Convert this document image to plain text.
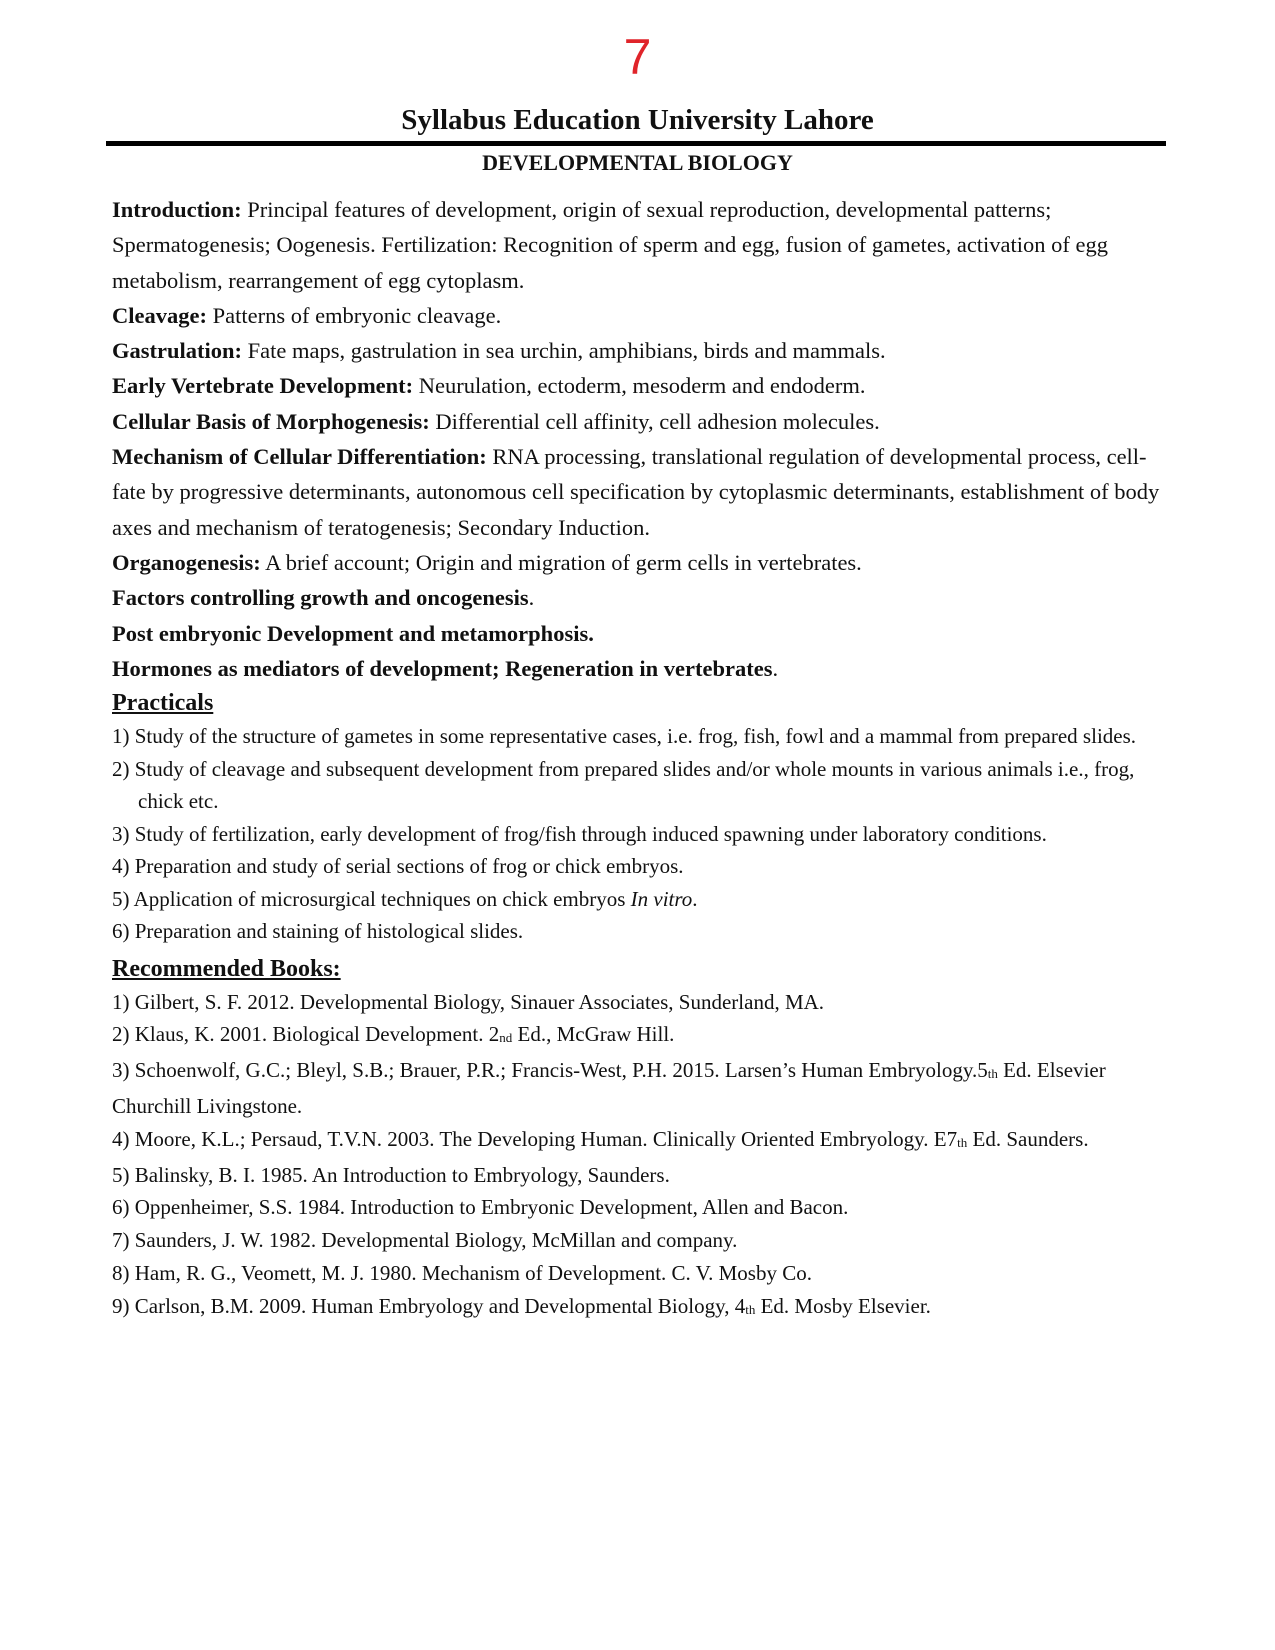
7
Syllabus Education University Lahore
DEVELOPMENTAL BIOLOGY

Introduction: Principal features of development, origin of sexual reproduction, developmental patterns; Spermatogenesis; Oogenesis. Fertilization: Recognition of sperm and egg, fusion of gametes, activation of egg metabolism, rearrangement of egg cytoplasm.

Cleavage: Patterns of embryonic cleavage.

Gastrulation: Fate maps, gastrulation in sea urchin, amphibians, birds and mammals.

Early Vertebrate Development: Neurulation, ectoderm, mesoderm and endoderm.

Cellular Basis of Morphogenesis: Differential cell affinity, cell adhesion molecules.

Mechanism of Cellular Differentiation: RNA processing, translational regulation of developmental process, cell-fate by progressive determinants, autonomous cell specification by cytoplasmic determinants, establishment of body axes and mechanism of teratogenesis; Secondary Induction.

Organogenesis: A brief account; Origin and migration of germ cells in vertebrates.

Factors controlling growth and oncogenesis.

Post embryonic Development and metamorphosis.

Hormones as mediators of development; Regeneration in vertebrates.

Practicals
1) Study of the structure of gametes in some representative cases, i.e. frog, fish, fowl and a mammal from prepared slides.
2) Study of cleavage and subsequent development from prepared slides and/or whole mounts in various animals i.e., frog, chick etc.
3) Study of fertilization, early development of frog/fish through induced spawning under laboratory conditions.
4) Preparation and study of serial sections of frog or chick embryos.
5) Application of microsurgical techniques on chick embryos In vitro.
6) Preparation and staining of histological slides.
Recommended Books:
1) Gilbert, S. F. 2012. Developmental Biology, Sinauer Associates, Sunderland, MA.
2) Klaus, K. 2001. Biological Development. $2_{nd}$ Ed., McGraw Hill.
3) Schoenwolf, G.C.; Bleyl, S.B.; Brauer, P.R.; Francis-West, P.H. 2015. Larsen’s Human $Embryology.5_{th}$ Ed. Elsevier Churchill Livingstone.
4) Moore, K.L.; Persaud, T.V.N. 2003. The Developing Human. Clinically Oriented Embryology. $E7_{th}$ Ed. Saunders.
5) Balinsky, B. I. 1985. An Introduction to Embryology, Saunders.
6) Oppenheimer, S.S. 1984. Introduction to Embryonic Development, Allen and Bacon.
7) Saunders, J. W. 1982. Developmental Biology, McMillan and company.
8) Ham, R. G., Veomett, M. J. 1980. Mechanism of Development. C. V. Mosby Co.
9) Carlson, B.M. 2009. Human Embryology and Developmental Biology, $4_{th}$ Ed. Mosby Elsevier.
